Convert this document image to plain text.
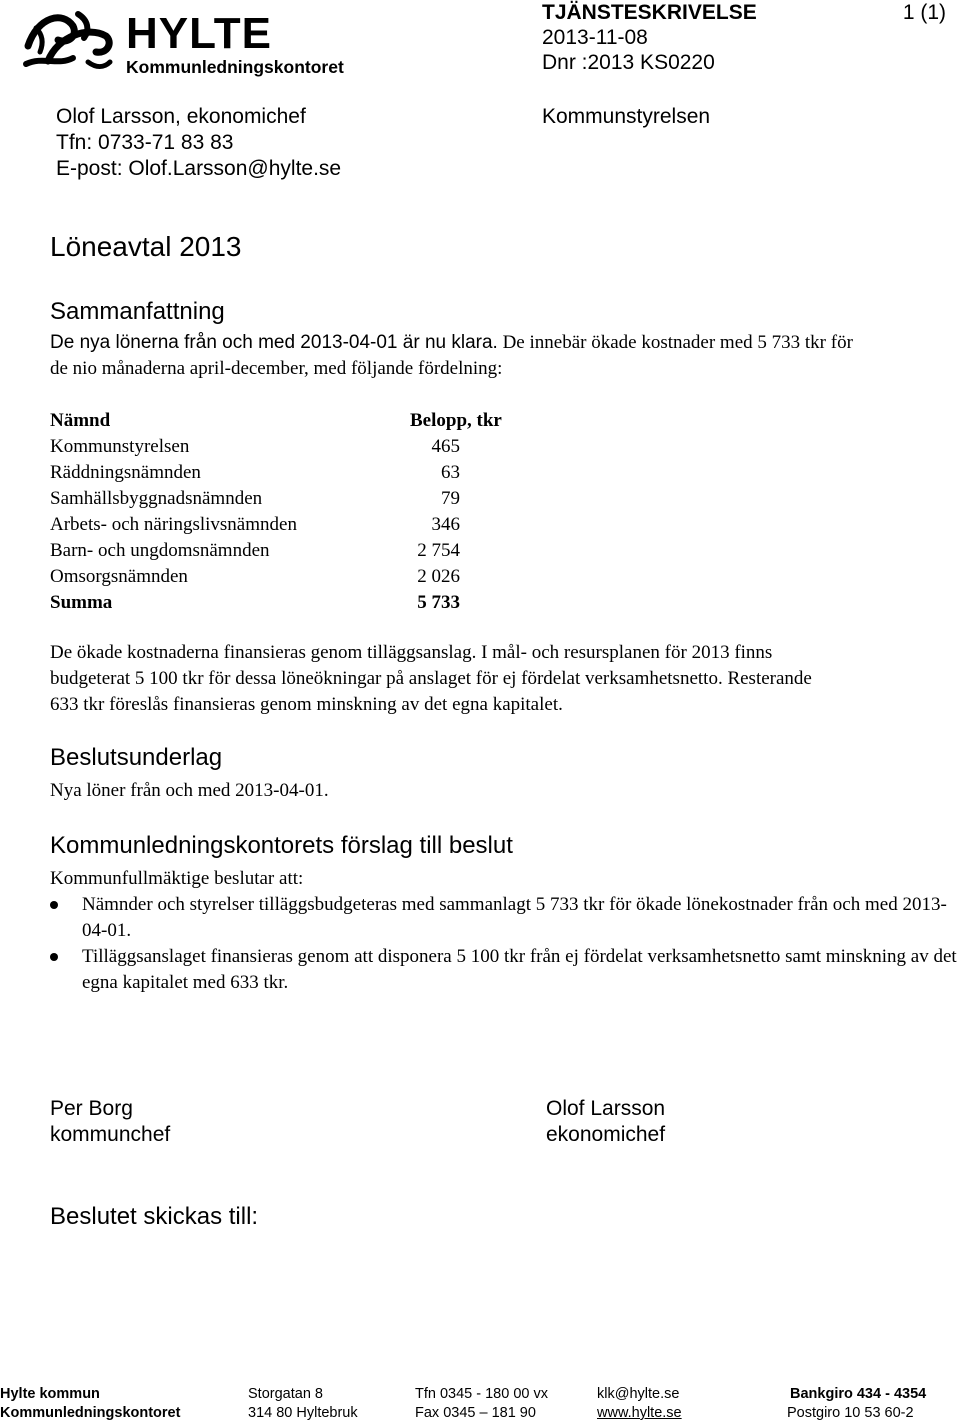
HYLTE
Kommunledningskontoret
TJÄNSTESKRIVELSE	1 (1)
2013-11-08
Dnr :2013 KS0220
Kommunstyrelsen
Olof Larsson, ekonomichef
Tfn: 0733-71 83 83
E-post: Olof.Larsson@hylte.se
Löneavtal 2013
Sammanfattning
De nya lönerna från och med 2013-04-01 är nu klara. De innebär ökade kostnader med 5 733 tkr för
de nio månaderna april-december, med följande fördelning:
Nämnd	Belopp, tkr
Kommunstyrelsen	465
Räddningsnämnden	63
Samhällsbyggnadsnämnden	79
Arbets- och näringslivsnämnden	346
Barn- och ungdomsnämnden	2 754
Omsorgsnämnden	2 026
Summa	5 733
De ökade kostnaderna finansieras genom tilläggsanslag. I mål- och resursplanen för 2013 finns
budgeterat 5 100 tkr för dessa löneökningar på anslaget för ej fördelat verksamhetsnetto. Resterande
633 tkr föreslås finansieras genom minskning av det egna kapitalet.
Beslutsunderlag
Nya löner från och med 2013-04-01.
Kommunledningskontorets förslag till beslut
Kommunfullmäktige beslutar att:
Nämnder och styrelser tilläggsbudgeteras med sammanlagt 5 733 tkr för ökade lönekostnader från och med 2013-04-01.
Tilläggsanslaget finansieras genom att disponera 5 100 tkr från ej fördelat verksamhetsnetto samt minskning av det egna kapitalet med 633 tkr.
Per Borg
kommunchef
Olof Larsson
ekonomichef
Beslutet skickas till:
Hylte kommun
Kommunledningskontoret
Storgatan 8
314 80 Hyltebruk
Tfn 0345 - 180 00 vx
Fax 0345 – 181 90
klk@hylte.se
www.hylte.se
Bankgiro 434 - 4354
Postgiro 10 53 60-2
